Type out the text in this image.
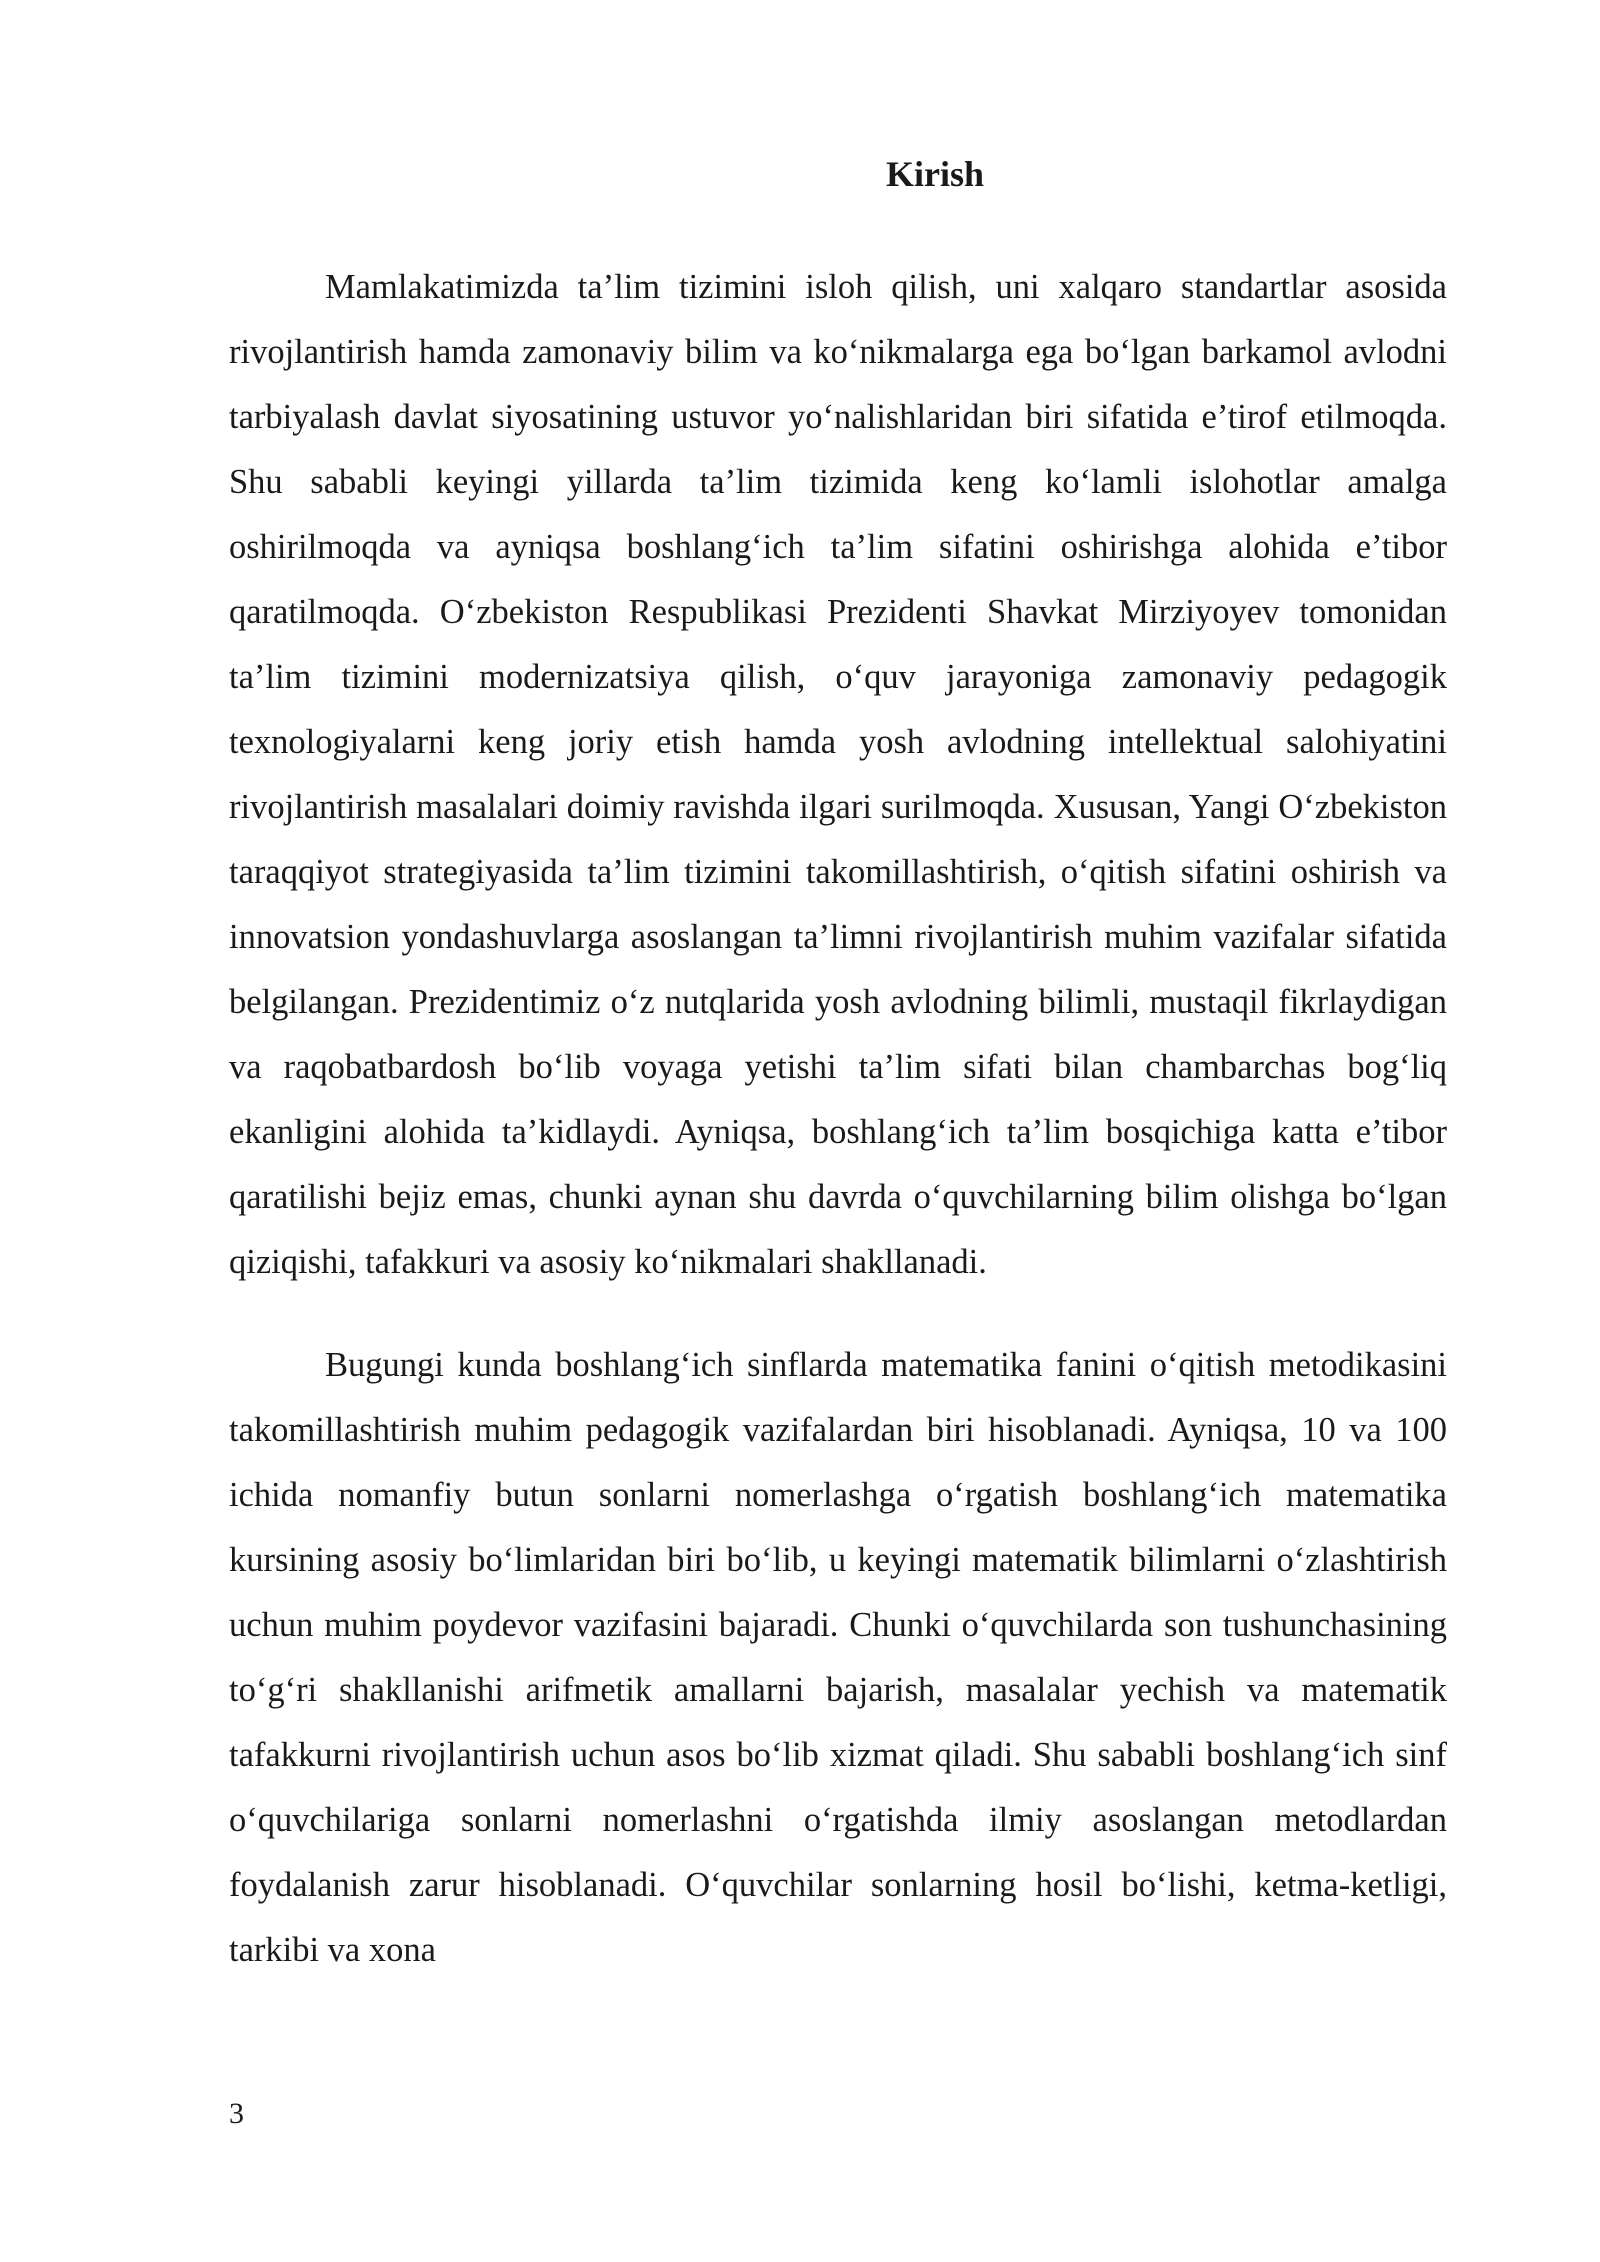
Kirish

Mamlakatimizda ta’lim tizimini isloh qilish, uni xalqaro standartlar asosida rivojlantirish hamda zamonaviy bilim va ko‘nikmalarga ega bo‘lgan barkamol avlodni tarbiyalash davlat siyosatining ustuvor yo‘nalishlaridan biri sifatida e’tirof etilmoqda. Shu sababli keyingi yillarda ta’lim tizimida keng ko‘lamli islohotlar amalga oshirilmoqda va ayniqsa boshlang‘ich ta’lim sifatini oshirishga alohida e’tibor qaratilmoqda. O‘zbekiston Respublikasi Prezidenti Shavkat Mirziyoyev tomonidan ta’lim tizimini modernizatsiya qilish, o‘quv jarayoniga zamonaviy pedagogik texnologiyalarni keng joriy etish hamda yosh avlodning intellektual salohiyatini rivojlantirish masalalari doimiy ravishda ilgari surilmoqda. Xususan, Yangi O‘zbekiston taraqqiyot strategiyasida ta’lim tizimini takomillashtirish, o‘qitish sifatini oshirish va innovatsion yondashuvlarga asoslangan ta’limni rivojlantirish muhim vazifalar sifatida belgilangan. Prezidentimiz o‘z nutqlarida yosh avlodning bilimli, mustaqil fikrlaydigan va raqobatbardosh bo‘lib voyaga yetishi ta’lim sifati bilan chambarchas bog‘liq ekanligini alohida ta’kidlaydi. Ayniqsa, boshlang‘ich ta’lim bosqichiga katta e’tibor qaratilishi bejiz emas, chunki aynan shu davrda o‘quvchilarning bilim olishga bo‘lgan qiziqishi, tafakkuri va asosiy ko‘nikmalari shakllanadi.

Bugungi kunda boshlang‘ich sinflarda matematika fanini o‘qitish metodikasini takomillashtirish muhim pedagogik vazifalardan biri hisoblanadi. Ayniqsa, 10 va 100 ichida nomanfiy butun sonlarni nomerlashga o‘rgatish boshlang‘ich matematika kursining asosiy bo‘limlaridan biri bo‘lib, u keyingi matematik bilimlarni o‘zlashtirish uchun muhim poydevor vazifasini bajaradi. Chunki o‘quvchilarda son tushunchasining to‘g‘ri shakllanishi arifmetik amallarni bajarish, masalalar yechish va matematik tafakkurni rivojlantirish uchun asos bo‘lib xizmat qiladi. Shu sababli boshlang‘ich sinf o‘quvchilariga sonlarni nomerlashni o‘rgatishda ilmiy asoslangan metodlardan foydalanish zarur hisoblanadi. O‘quvchilar sonlarning hosil bo‘lishi, ketma-ketligi, tarkibi va xona

3
